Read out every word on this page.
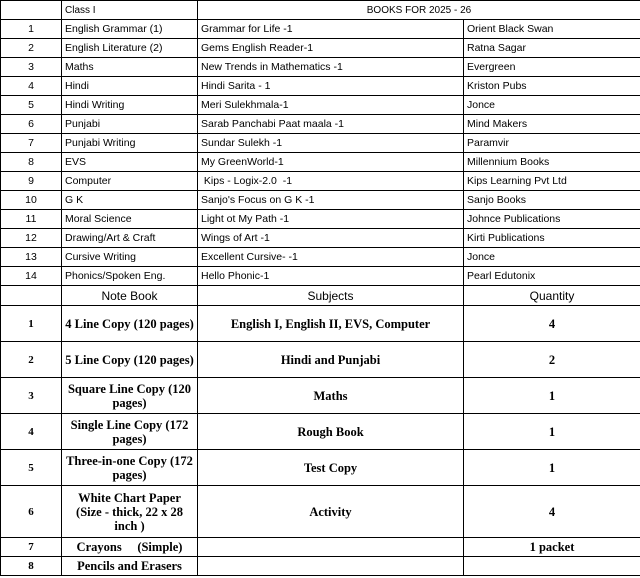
	Class I	BOOKS FOR 2025 - 26	
1	English Grammar (1)	Grammar for Life -1	Orient Black Swan
2	English Literature (2)	Gems English Reader-1	Ratna Sagar
3	Maths	New Trends in Mathematics -1	Evergreen
4	Hindi	Hindi Sarita - 1	Kriston Pubs
5	Hindi Writing	Meri Sulekhmala-1	Jonce
6	Punjabi	Sarab Panchabi Paat maala -1	Mind Makers
7	Punjabi Writing	Sundar Sulekh -1	Paramvir
8	EVS	My GreenWorld-1	Millennium Books
9	Computer	Kips - Logix-2.0  -1	Kips Learning Pvt Ltd
10	G K	Sanjo's Focus on G K -1	Sanjo Books
11	Moral Science	Light ot My Path -1	Johnce Publications
12	Drawing/Art & Craft	Wings of Art -1	Kirti Publications
13	Cursive Writing	Excellent Cursive- -1	Jonce
14	Phonics/Spoken Eng.	Hello Phonic-1	Pearl Edutonix
	Note Book	Subjects	Quantity
1	4 Line Copy (120 pages)	English I, English II, EVS, Computer	4
2	5 Line Copy (120 pages)	Hindi and Punjabi	2
3	Square Line Copy (120 pages)	Maths	1
4	Single Line Copy (172 pages)	Rough Book	1
5	Three-in-one Copy (172 pages)	Test Copy	1
6	White Chart Paper (Size - thick, 22 x 28 inch )	Activity	4
7	Crayons     (Simple)		1 packet
8	Pencils and Erasers		
